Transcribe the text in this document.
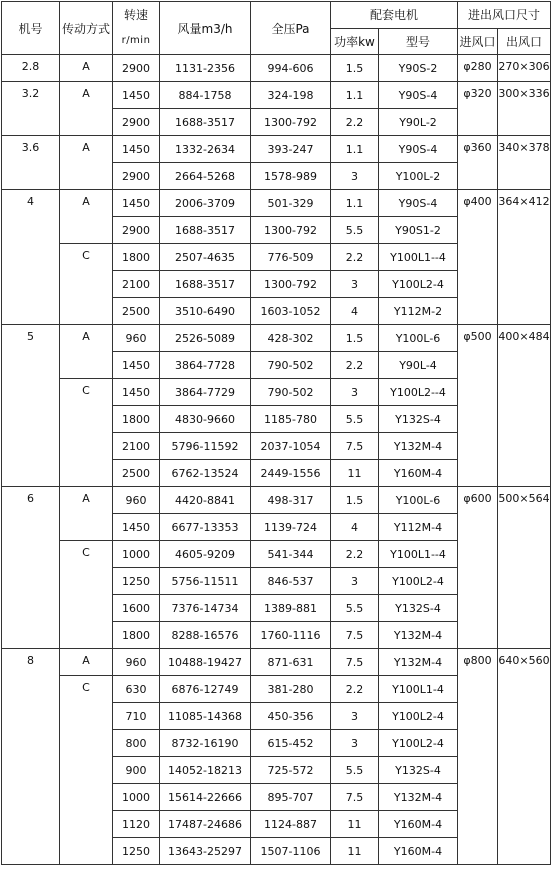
机号	传动方式	转速
r/min	风量m3/h	全压Pa	配套电机		进出风口尺寸	
					功率kw	型号	进风口	出风口
2.8	A	2900	1131-2356	994-606	1.5	Y90S-2	φ280	270×306
3.2	A	1450	884-1758	324-198	1.1	Y90S-4	φ320	300×336
		2900	1688-3517	1300-792	2.2	Y90L-2		
3.6	A	1450	1332-2634	393-247	1.1	Y90S-4	φ360	340×378
		2900	2664-5268	1578-989	3	Y100L-2		
4	A	1450	2006-3709	501-329	1.1	Y90S-4	φ400	364×412
		2900	1688-3517	1300-792	5.5	Y90S1-2		
	C	1800	2507-4635	776-509	2.2	Y100L1--4		
		2100	1688-3517	1300-792	3	Y100L2-4		
		2500	3510-6490	1603-1052	4	Y112M-2		
5	A	960	2526-5089	428-302	1.5	Y100L-6	φ500	400×484
		1450	3864-7728	790-502	2.2	Y90L-4		
	C	1450	3864-7729	790-502	3	Y100L2--4		
		1800	4830-9660	1185-780	5.5	Y132S-4		
		2100	5796-11592	2037-1054	7.5	Y132M-4		
		2500	6762-13524	2449-1556	11	Y160M-4		
6	A	960	4420-8841	498-317	1.5	Y100L-6	φ600	500×564
		1450	6677-13353	1139-724	4	Y112M-4		
	C	1000	4605-9209	541-344	2.2	Y100L1--4		
		1250	5756-11511	846-537	3	Y100L2-4		
		1600	7376-14734	1389-881	5.5	Y132S-4		
		1800	8288-16576	1760-1116	7.5	Y132M-4		
8	A	960	10488-19427	871-631	7.5	Y132M-4	φ800	640×560
	C	630	6876-12749	381-280	2.2	Y100L1-4		
		710	11085-14368	450-356	3	Y100L2-4		
		800	8732-16190	615-452	3	Y100L2-4		
		900	14052-18213	725-572	5.5	Y132S-4		
		1000	15614-22666	895-707	7.5	Y132M-4		
		1120	17487-24686	1124-887	11	Y160M-4		
		1250	13643-25297	1507-1106	11	Y160M-4		
